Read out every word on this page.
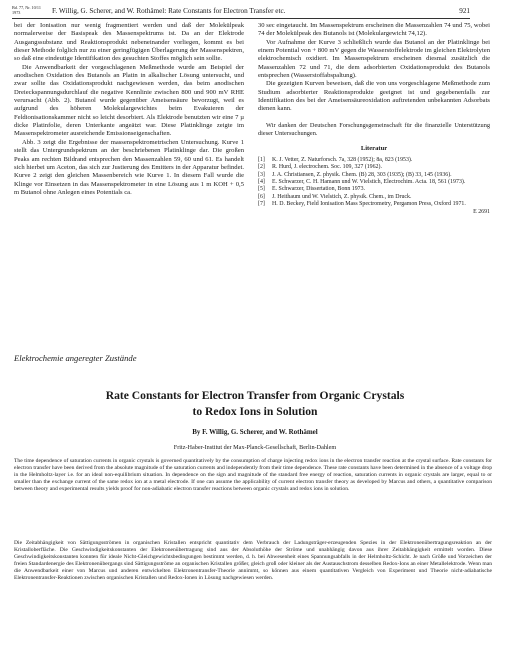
Bd. 77, Nr. 10/11
1973	F. Willig, G. Scherer, and W. Rothämel: Rate Constants for Electron Transfer etc.	921

bei der Ionisation nur wenig fragmentiert werden und daß der Molekülpeak normalerweise der Basispeak des Massenspektrums ist. Da an der Elektrode Ausgangssubstanz und Reaktionsprodukt nebeneinander vorliegen, kommt es bei dieser Methode folglich nur zu einer geringfügigen Überlagerung der Massenspektren, so daß eine eindeutige Identifikation des gesuchten Stoffes möglich sein sollte.

Die Anwendbarkeit der vorgeschlagenen Meßmethode wurde am Beispiel der anodischen Oxidation des Butanols an Platin in alkalischer Lösung untersucht, und zwar sollte das Oxidationsprodukt nachgewiesen werden, das beim anodischen Dreieckspannungsdurchlauf die negative Kennlinie zwischen 800 und 900 mV RHE verursacht (Abb. 2). Butanol wurde gegenüber Ameisensäure bevorzugt, weil es aufgrund des höheren Molekulargewichtes beim Evakuieren der Feldionisationskammer nicht so leicht desorbiert. Als Elektrode benutzten wir eine 7 µ dicke Platinfolie, deren Unterkante angeätzt war. Diese Platinklinge zeigte im Massenspektrometer ausreichende Emissionseigenschaften.

Abb. 3 zeigt die Ergebnisse der massenspektrometrischen Untersuchung. Kurve 1 stellt das Untergrundspektrum an der beschriebenen Platinklinge dar. Die großen Peaks am rechten Bildrand entsprechen den Massenzahlen 59, 60 und 61. Es handelt sich hierbei um Aceton, das sich zur Justierung des Emitters in der Apparatur befindet. Kurve 2 zeigt den gleichen Massenbereich wie Kurve 1. In diesem Fall wurde die Klinge vor Einsetzen in das Massenspektrometer in eine Lösung aus 1 m KOH + 0,5 m Butanol ohne Anlegen eines Potentials ca.

30 sec eingetaucht. Im Massenspektrum erscheinen die Massenzahlen 74 und 75, wobei 74 der Molekülpeak des Butanols ist (Molekulargewicht 74,12).

Vor Aufnahme der Kurve 3 schließlich wurde das Butanol an der Platinklinge bei einem Potential von + 800 mV gegen die Wasserstoffelektrode im gleichen Elektrolyten elektrochemisch oxidiert. Im Massenspektrum erscheinen diesmal zusätzlich die Massenzahlen 72 und 71, die dem adsorbierten Oxidationsprodukt des Butanols entsprechen (Wasserstoffabspaltung).

Die gezeigten Kurven beweisen, daß die von uns vorgeschlagene Meßmethode zum Studium adsorbierter Reaktionsprodukte geeignet ist und gegebenenfalls zur Identifikation des bei der Ameisensäureoxidation auftretenden unbekannten Adsorbats dienen kann.

Wir danken der Deutschen Forschungsgemeinschaft für die finanzielle Unterstützung dieser Untersuchungen.

Literatur
[1] K. J. Vetter, Z. Naturforsch. 7a, 328 (1952); 8a, 823 (1953).
[2] R. Hurd, J. electrochem. Soc. 109, 327 (1962).
[3] J. A. Christiansen, Z. physik. Chem. (B) 28, 303 (1935); (B) 33, 145 (1936).
[4] E. Schwarzer, C. H. Hamann und W. Vielstich, Electrochim. Acta. 18, 561 (1973).
[5] E. Schwarzer, Dissertation, Bonn 1973.
[6] J. Heithaum und W. Vielstich, Z. physik. Chem., im Druck.
[7] H. D. Beckey, Field Ionisation Mass Spectrometry, Pergamon Press, Oxford 1971.
E 2691
Elektrochemie angeregter Zustände
Rate Constants for Electron Transfer from Organic Crystals
to Redox Ions in Solution
By F. Willig, G. Scherer, and W. Rothämel
Fritz-Haber-Institut der Max-Planck-Gesellschaft, Berlin-Dahlem

The time dependence of saturation currents in organic crystals is governed quantitatively by the consumption of charge injecting redox ions in the electron transfer reaction at the crystal surface. Rate constants for electron transfer have been derived from the absolute magnitude of the saturation currents and independently from their time dependence. These rate constants have been determined in the absence of a voltage drop in the Helmholtz-layer i.e. for an ideal non-equilibrium situation. In dependence on the sign and magnitude of the standard free energy of reaction, saturation currents in organic crystals are larger, equal to or smaller than the exchange current of the same redox ion at a metal electrode. If one can assume the applicability of current electron transfer theory as developed by Marcus and others, a quantitative comparison between theory and experimental results yields proof for non-adiabatic electron transfer reactions between organic crystals and redox ions in solution.

Die Zeitabhängigkeit von Sättigungsströmen in organischen Kristallen entspricht quantitativ dem Verbrauch der Ladungsträger-erzeugenden Spezies in der Elektronenübertragungsreaktion an der Kristalloberfläche. Die Geschwindigkeitskonstanten der Elektronenübertragung sind aus der Absoluthöhe der Ströme und unabhängig davon aus ihrer Zeitabhängigkeit ermittelt worden. Diese Geschwindigkeitskonstanten konnten für ideale Nicht-Gleichgewichtsbedingungen bestimmt werden, d. h. bei Abwesenheit eines Spannungsabfalls in der Helmholtz-Schicht. Je nach Größe und Vorzeichen der freien Standardenergie des Elektronenübergangs sind Sättigungsströme an organischen Kristallen größer, gleich groß oder kleiner als der Austauschstrom desselben Redox-Ions an einer Metallelektrode. Wenn man die Anwendbarkeit einer von Marcus und anderen entwickelten Elektronentransfer-Theorie annimmt, so können aus einem quantitativen Vergleich von Experiment und Theorie nicht-adiabatische Elektronentransfer-Reaktionen zwischen organischen Kristallen und Redox-Ionen in Lösung nachgewiesen werden.
